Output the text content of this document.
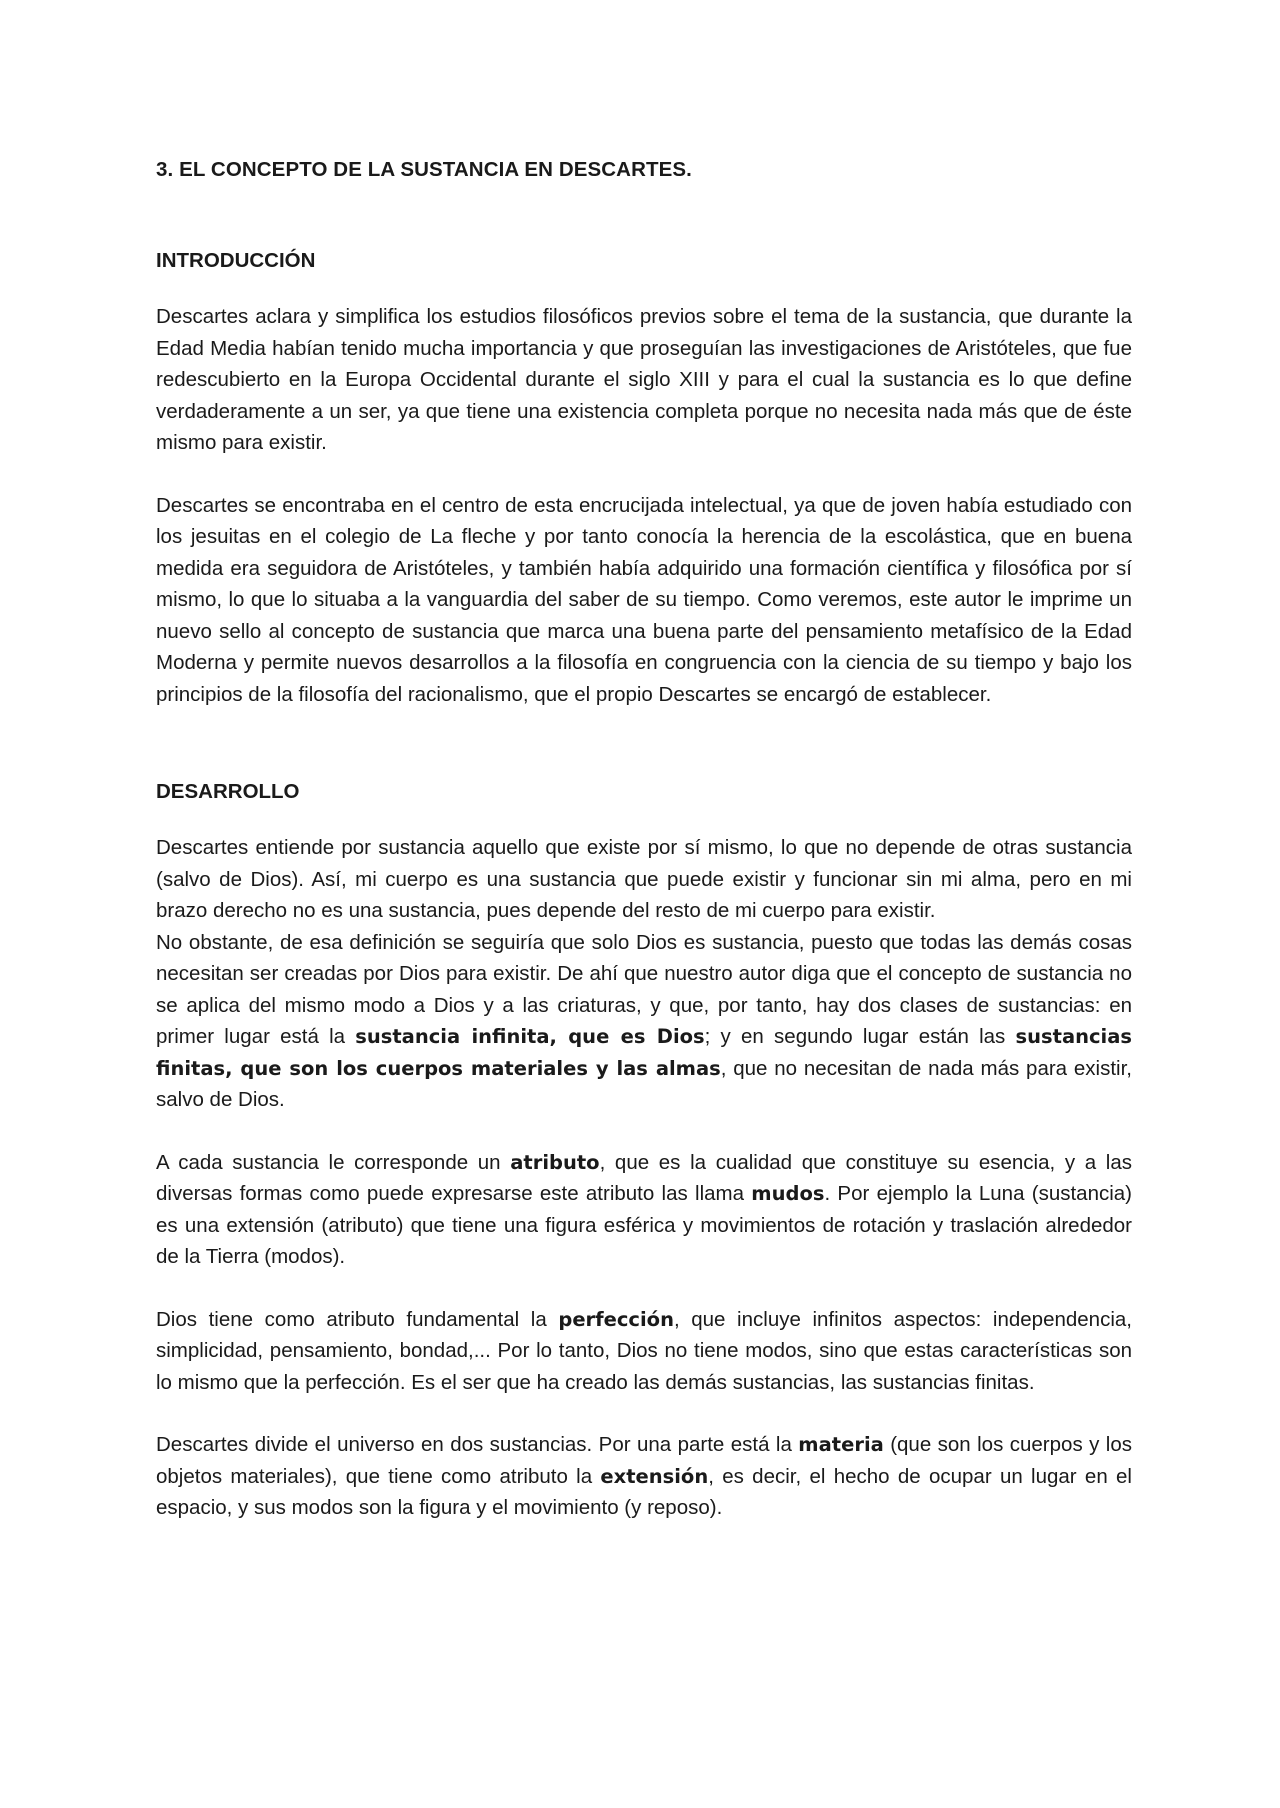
3. EL CONCEPTO DE LA SUSTANCIA EN DESCARTES.
INTRODUCCIÓN

Descartes aclara y simplifica los estudios filosóficos previos sobre el tema de la sustancia, que durante la Edad Media habían tenido mucha importancia y que proseguían las investigaciones de Aristóteles, que fue redescubierto en la Europa Occidental durante el siglo XIII y para el cual la sustancia es lo que define verdaderamente a un ser, ya que tiene una existencia completa porque no necesita nada más que de éste mismo para existir.

Descartes se encontraba en el centro de esta encrucijada intelectual, ya que de joven había estudiado con los jesuitas en el colegio de La fleche y por tanto conocía la herencia de la escolástica, que en buena medida era seguidora de Aristóteles, y también había adquirido una formación científica y filosófica por sí mismo, lo que lo situaba a la vanguardia del saber de su tiempo. Como veremos, este autor le imprime un nuevo sello al concepto de sustancia que marca una buena parte del pensamiento metafísico de la Edad Moderna y permite nuevos desarrollos a la filosofía en congruencia con la ciencia de su tiempo y bajo los principios de la filosofía del racionalismo, que el propio Descartes se encargó de establecer.

DESARROLLO

Descartes entiende por sustancia aquello que existe por sí mismo, lo que no depende de otras sustancia (salvo de Dios). Así, mi cuerpo es una sustancia que puede existir y funcionar sin mi alma, pero en mi brazo derecho no es una sustancia, pues depende del resto de mi cuerpo para existir.

No obstante, de esa definición se seguiría que solo Dios es sustancia, puesto que todas las demás cosas necesitan ser creadas por Dios para existir. De ahí que nuestro autor diga que el concepto de sustancia no se aplica del mismo modo a Dios y a las criaturas, y que, por tanto, hay dos clases de sustancias: en primer lugar está la sustancia infinita, que es Dios; y en segundo lugar están las sustancias finitas, que son los cuerpos materiales y las almas, que no necesitan de nada más para existir, salvo de Dios.

A cada sustancia le corresponde un atributo, que es la cualidad que constituye su esencia, y a las diversas formas como puede expresarse este atributo las llama mudos. Por ejemplo la Luna (sustancia) es una extensión (atributo) que tiene una figura esférica y movimientos de rotación y traslación alrededor de la Tierra (modos).

Dios tiene como atributo fundamental la perfección, que incluye infinitos aspectos: independencia, simplicidad, pensamiento, bondad,... Por lo tanto, Dios no tiene modos, sino que estas características son lo mismo que la perfección. Es el ser que ha creado las demás sustancias, las sustancias finitas.

Descartes divide el universo en dos sustancias. Por una parte está la materia (que son los cuerpos y los objetos materiales), que tiene como atributo la extensión, es decir, el hecho de ocupar un lugar en el espacio, y sus modos son la figura y el movimiento (y reposo).
